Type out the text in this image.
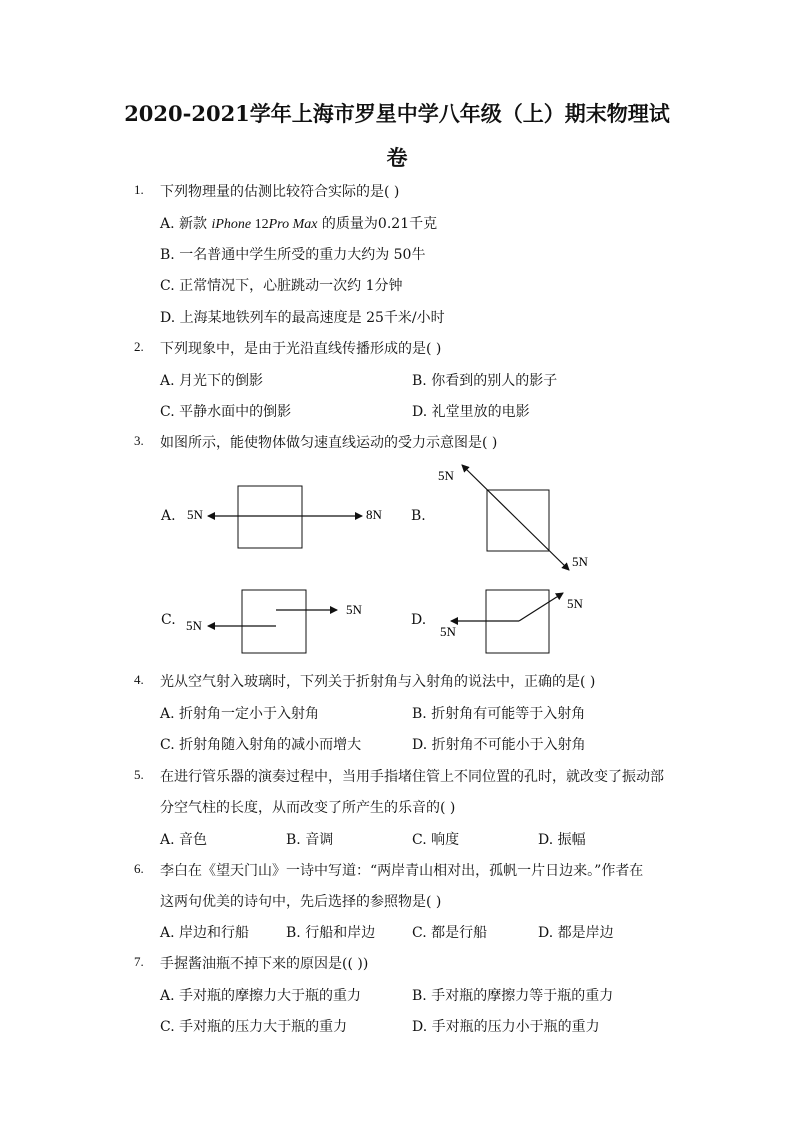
2020-2021学年上海市罗星中学八年级（上）期末物理试
卷
1. 下列物理量的估测比较符合实际的是( )
A. 新款 iPhone 12Pro Max 的质量为0.21千克
B. 一名普通中学生所受的重力大约为 50牛
C. 正常情况下，心脏跳动一次约 1分钟
D. 上海某地铁列车的最高速度是 25千米/小时
2. 下列现象中，是由于光沿直线传播形成的是( )
A. 月光下的倒影	B. 你看到的别人的影子
C. 平静水面中的倒影	D. 礼堂里放的电影
3. 如图所示，能使物体做匀速直线运动的受力示意图是( )
A.	B.
C.	D.
5N	8N
5N
5N
5N
5N
5N
5N
4. 光从空气射入玻璃时，下列关于折射角与入射角的说法中，正确的是( )
A. 折射角一定小于入射角	B. 折射角有可能等于入射角
C. 折射角随入射角的减小而增大	D. 折射角不可能小于入射角
5. 在进行管乐器的演奏过程中，当用手指堵住管上不同位置的孔时，就改变了振动部
分空气柱的长度，从而改变了所产生的乐音的( )
A. 音色	B. 音调	C. 响度	D. 振幅
6. 李白在《望天门山》一诗中写道：“两岸青山相对出，孤帆一片日边来。”作者在
这两句优美的诗句中，先后选择的参照物是( )
A. 岸边和行船	B. 行船和岸边	C. 都是行船	D. 都是岸边
7. 手握酱油瓶不掉下来的原因是(( ))
A. 手对瓶的摩擦力大于瓶的重力	B. 手对瓶的摩擦力等于瓶的重力
C. 手对瓶的压力大于瓶的重力	D. 手对瓶的压力小于瓶的重力
